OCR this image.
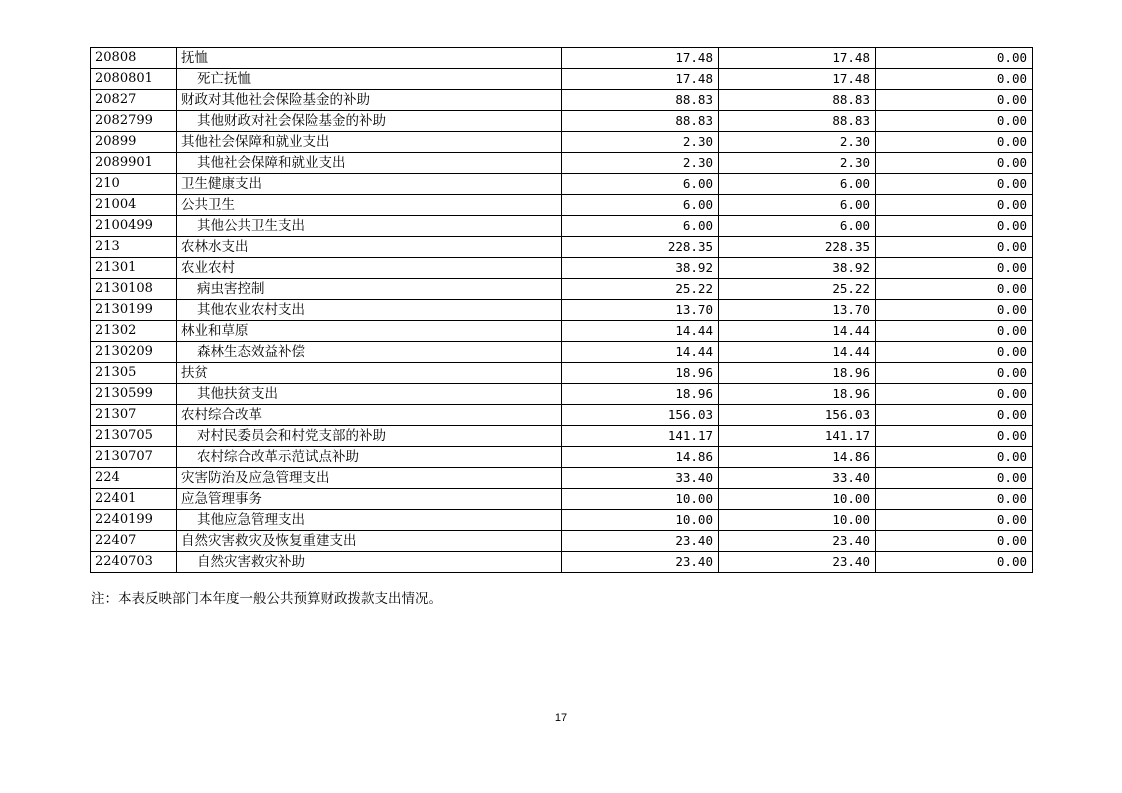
20808	抚恤	17.48	17.48	0.00
2080801	死亡抚恤	17.48	17.48	0.00
20827	财政对其他社会保险基金的补助	88.83	88.83	0.00
2082799	其他财政对社会保险基金的补助	88.83	88.83	0.00
20899	其他社会保障和就业支出	2.30	2.30	0.00
2089901	其他社会保障和就业支出	2.30	2.30	0.00
210	卫生健康支出	6.00	6.00	0.00
21004	公共卫生	6.00	6.00	0.00
2100499	其他公共卫生支出	6.00	6.00	0.00
213	农林水支出	228.35	228.35	0.00
21301	农业农村	38.92	38.92	0.00
2130108	病虫害控制	25.22	25.22	0.00
2130199	其他农业农村支出	13.70	13.70	0.00
21302	林业和草原	14.44	14.44	0.00
2130209	森林生态效益补偿	14.44	14.44	0.00
21305	扶贫	18.96	18.96	0.00
2130599	其他扶贫支出	18.96	18.96	0.00
21307	农村综合改革	156.03	156.03	0.00
2130705	对村民委员会和村党支部的补助	141.17	141.17	0.00
2130707	农村综合改革示范试点补助	14.86	14.86	0.00
224	灾害防治及应急管理支出	33.40	33.40	0.00
22401	应急管理事务	10.00	10.00	0.00
2240199	其他应急管理支出	10.00	10.00	0.00
22407	自然灾害救灾及恢复重建支出	23.40	23.40	0.00
2240703	自然灾害救灾补助	23.40	23.40	0.00
注：本表反映部门本年度一般公共预算财政拨款支出情况。
17
